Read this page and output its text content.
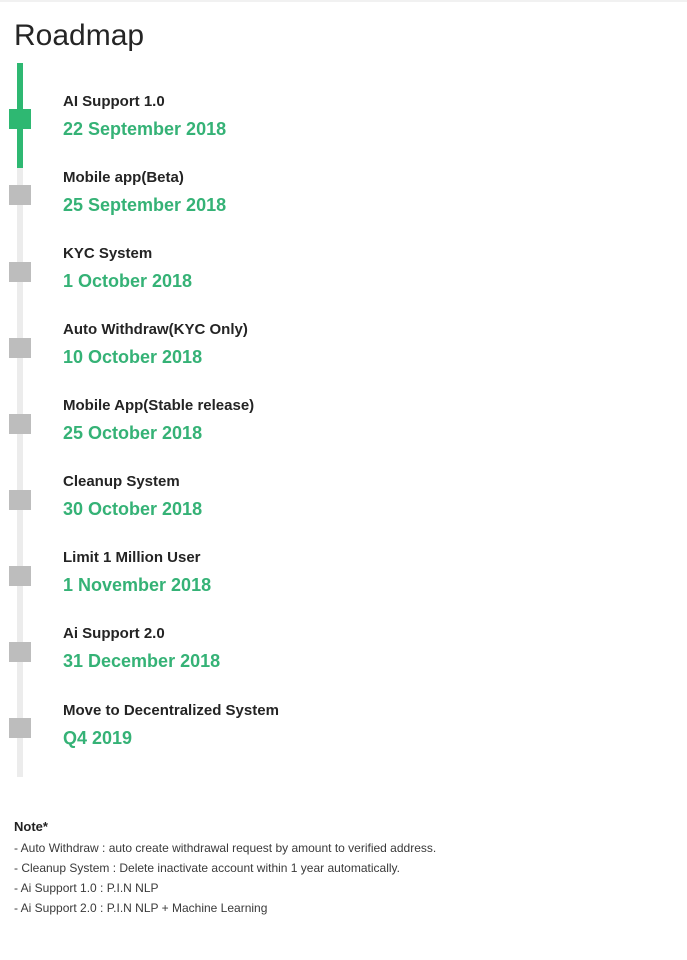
Roadmap
AI Support 1.0
22 September 2018
Mobile app(Beta)
25 September 2018
KYC System
1 October 2018
Auto Withdraw(KYC Only)
10 October 2018
Mobile App(Stable release)
25 October 2018
Cleanup System
30 October 2018
Limit 1 Million User
1 November 2018
Ai Support 2.0
31 December 2018
Move to Decentralized System
Q4 2019
Note*
- Auto Withdraw : auto create withdrawal request by amount to verified address.
- Cleanup System : Delete inactivate account within 1 year automatically.
- Ai Support 1.0 : P.I.N NLP
- Ai Support 2.0 : P.I.N NLP + Machine Learning
